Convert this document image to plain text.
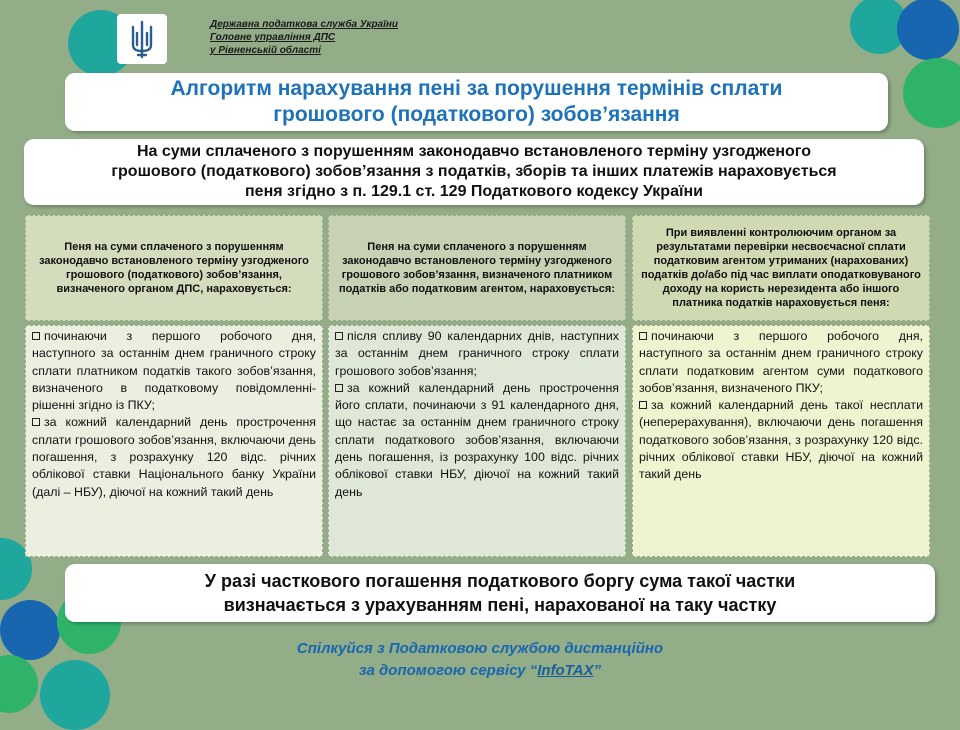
Державна податкова служба України
Головне управління ДПС
у Рівненській області
Алгоритм нарахування пені за порушення термінів сплати
грошового (податкового) зобов’язання
На суми сплаченого з порушенням законодавчо встановленого терміну узгодженого
грошового (податкового) зобов’язання з податків, зборів та інших платежів нараховується
пеня згідно з п. 129.1 ст. 129 Податкового кодексу України
Пеня на суми сплаченого з порушенням законодавчо встановленого терміну узгодженого грошового (податкового) зобов’язання, визначеного органом ДПС, нараховується:
Пеня на суми сплаченого з порушенням законодавчо встановленого терміну узгодженого грошового зобов’язання, визначеного платником податків або податковим агентом, нараховується:
При виявленні контролюючим органом за результатами перевірки несвоєчасної сплати податковим агентом утриманих (нарахованих) податків до/або під час виплати оподатковуваного доходу на користь нерезидента або іншого платника податків нараховується пеня:

починаючи з першого робочого дня, наступного за останнім днем граничного строку сплати платником податків такого зобов’язання, визначеного в податковому повідомленні-рішенні згідно із ПКУ;

за кожний календарний день прострочення сплати грошового зобов’язання, включаючи день погашення, з розрахунку 120 відс. річних облікової ставки Національного банку України (далі – НБУ), діючої на кожний такий день

після спливу 90 календарних днів, наступних за останнім днем граничного строку сплати грошового зобов’язання;

за кожний календарний день прострочення його сплати, починаючи з 91 календарного дня, що настає за останнім днем граничного строку сплати податкового зобов’язання, включаючи день погашення, із розрахунку 100 відс. річних облікової ставки НБУ, діючої на кожний такий день

починаючи з першого робочого дня, наступного за останнім днем граничного строку сплати податковим агентом суми податкового зобов’язання, визначеного ПКУ;

за кожний календарний день такої несплати (неперерахування), включаючи день погашення податкового зобов’язання, з розрахунку 120 відс. річних облікової ставки НБУ, діючої на кожний такий день

У разі часткового погашення податкового боргу сума такої частки
визначається з урахуванням пені, нарахованої на таку частку
Спілкуйся з Податковою службою дистанційно
за допомогою сервісу “InfoTAX”
